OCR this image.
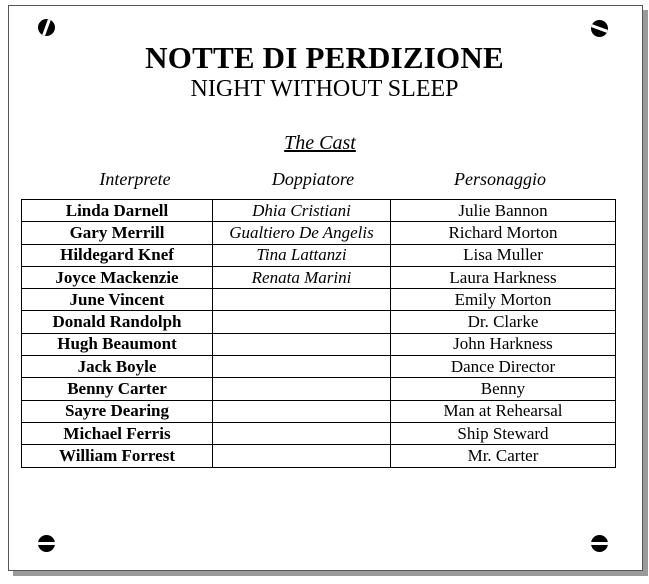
NOTTE DI PERDIZIONE
NIGHT WITHOUT SLEEP
The Cast
Interprete	Doppiatore	Personaggio
Linda Darnell	Dhia Cristiani	Julie Bannon
Gary Merrill	Gualtiero De Angelis	Richard Morton
Hildegard Knef	Tina Lattanzi	Lisa Muller
Joyce Mackenzie	Renata Marini	Laura Harkness
June Vincent		Emily Morton
Donald Randolph		Dr. Clarke
Hugh Beaumont		John Harkness
Jack Boyle		Dance Director
Benny Carter		Benny
Sayre Dearing		Man at Rehearsal
Michael Ferris		Ship Steward
William Forrest		Mr. Carter
